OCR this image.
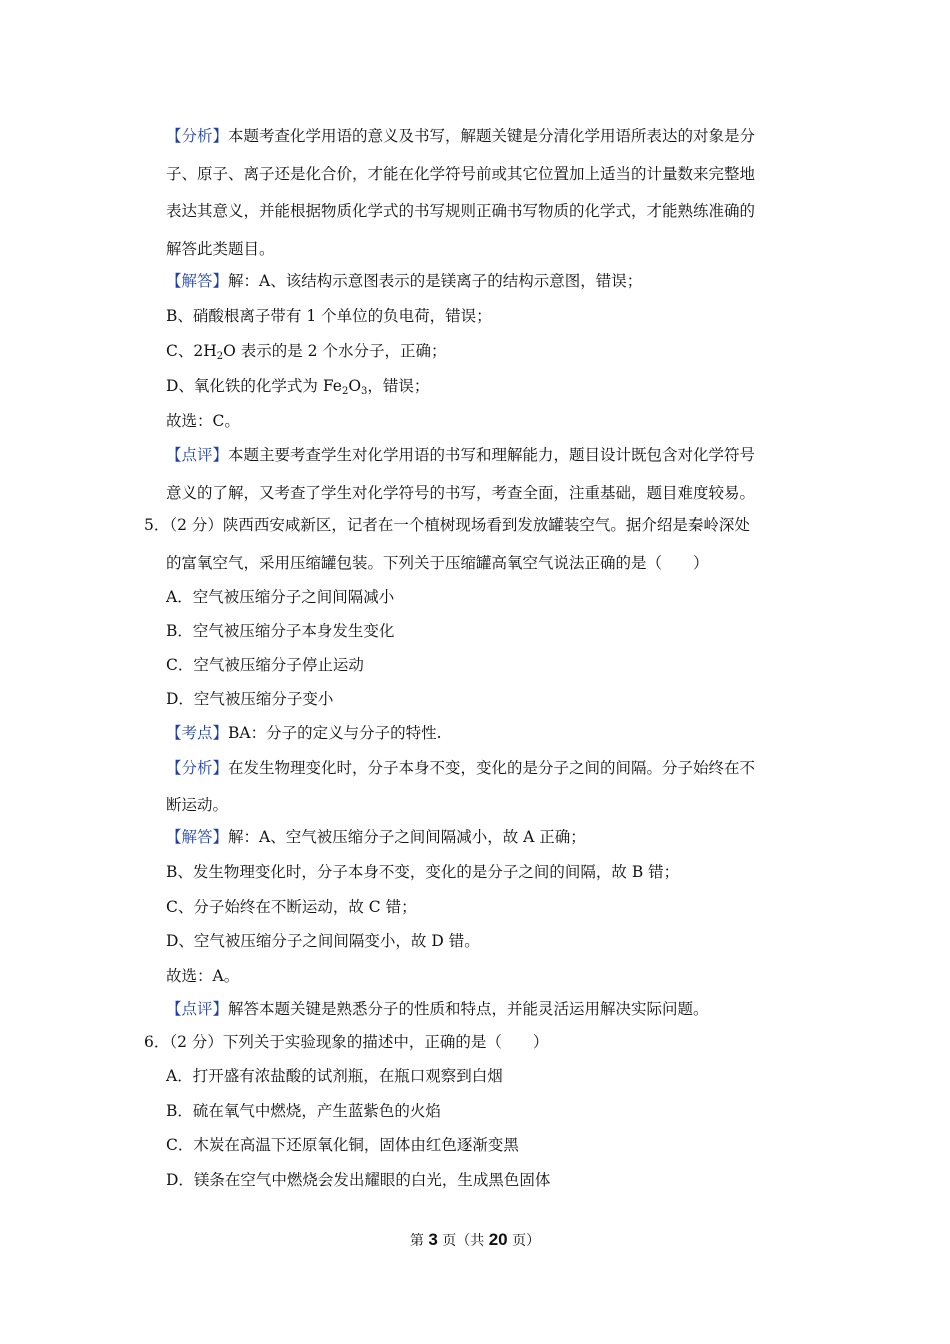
【分析】本题考查化学用语的意义及书写，解题关键是分清化学用语所表达的对象是分
子、原子、离子还是化合价，才能在化学符号前或其它位置加上适当的计量数来完整地
表达其意义，并能根据物质化学式的书写规则正确书写物质的化学式，才能熟练准确的
解答此类题目。
【解答】解：A、该结构示意图表示的是镁离子的结构示意图，错误；
B、硝酸根离子带有 1 个单位的负电荷，错误；
C、$2H_2O$ 表示的是 2 个水分子，正确；
D、氧化铁的化学式为 $Fe_2O_3$，错误；
故选：C。
【点评】本题主要考查学生对化学用语的书写和理解能力，题目设计既包含对化学符号
意义的了解，又考查了学生对化学符号的书写，考查全面，注重基础，题目难度较易。
5．（2 分）陕西西安咸新区，记者在一个植树现场看到发放罐装空气。据介绍是秦岭深处
的富氧空气，采用压缩罐包装。下列关于压缩罐高氧空气说法正确的是（　　）
A．空气被压缩分子之间间隔减小
B．空气被压缩分子本身发生变化
C．空气被压缩分子停止运动
D．空气被压缩分子变小
【考点】BA：分子的定义与分子的特性.
【分析】在发生物理变化时，分子本身不变，变化的是分子之间的间隔。分子始终在不
断运动。
【解答】解：A、空气被压缩分子之间间隔减小，故 A 正确；
B、发生物理变化时，分子本身不变，变化的是分子之间的间隔，故 B 错；
C、分子始终在不断运动，故 C 错；
D、空气被压缩分子之间间隔变小，故 D 错。
故选：A。
【点评】解答本题关键是熟悉分子的性质和特点，并能灵活运用解决实际问题。
6．（2 分）下列关于实验现象的描述中，正确的是（　　）
A．打开盛有浓盐酸的试剂瓶，在瓶口观察到白烟
B．硫在氧气中燃烧，产生蓝紫色的火焰
C．木炭在高温下还原氧化铜，固体由红色逐渐变黑
D．镁条在空气中燃烧会发出耀眼的白光，生成黑色固体
第 3 页（共 20 页）
